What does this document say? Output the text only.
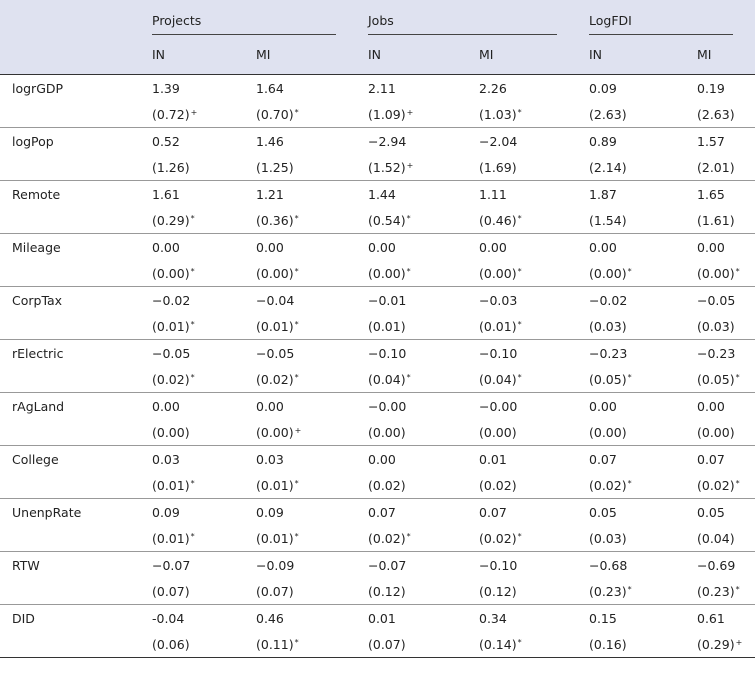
	Projects		Jobs		LogFDI	

	IN	MI	IN	MI	IN	MI
logrGDP	1.39	1.64	2.11	2.26	0.09	0.19
	(0.72)+	(0.70)*	(1.09)+	(1.03)*	(2.63)	(2.63)
logPop	0.52	1.46	−2.94	−2.04	0.89	1.57
	(1.26)	(1.25)	(1.52)+	(1.69)	(2.14)	(2.01)
Remote	1.61	1.21	1.44	1.11	1.87	1.65
	(0.29)*	(0.36)*	(0.54)*	(0.46)*	(1.54)	(1.61)
Mileage	0.00	0.00	0.00	0.00	0.00	0.00
	(0.00)*	(0.00)*	(0.00)*	(0.00)*	(0.00)*	(0.00)*
CorpTax	−0.02	−0.04	−0.01	−0.03	−0.02	−0.05
	(0.01)*	(0.01)*	(0.01)	(0.01)*	(0.03)	(0.03)
rElectric	−0.05	−0.05	−0.10	−0.10	−0.23	−0.23
	(0.02)*	(0.02)*	(0.04)*	(0.04)*	(0.05)*	(0.05)*
rAgLand	0.00	0.00	−0.00	−0.00	0.00	0.00
	(0.00)	(0.00)+	(0.00)	(0.00)	(0.00)	(0.00)
College	0.03	0.03	0.00	0.01	0.07	0.07
	(0.01)*	(0.01)*	(0.02)	(0.02)	(0.02)*	(0.02)*
UnenpRate	0.09	0.09	0.07	0.07	0.05	0.05
	(0.01)*	(0.01)*	(0.02)*	(0.02)*	(0.03)	(0.04)
RTW	−0.07	−0.09	−0.07	−0.10	−0.68	−0.69
	(0.07)	(0.07)	(0.12)	(0.12)	(0.23)*	(0.23)*
DID	-0.04	0.46	0.01	0.34	0.15	0.61
	(0.06)	(0.11)*	(0.07)	(0.14)*	(0.16)	(0.29)+
